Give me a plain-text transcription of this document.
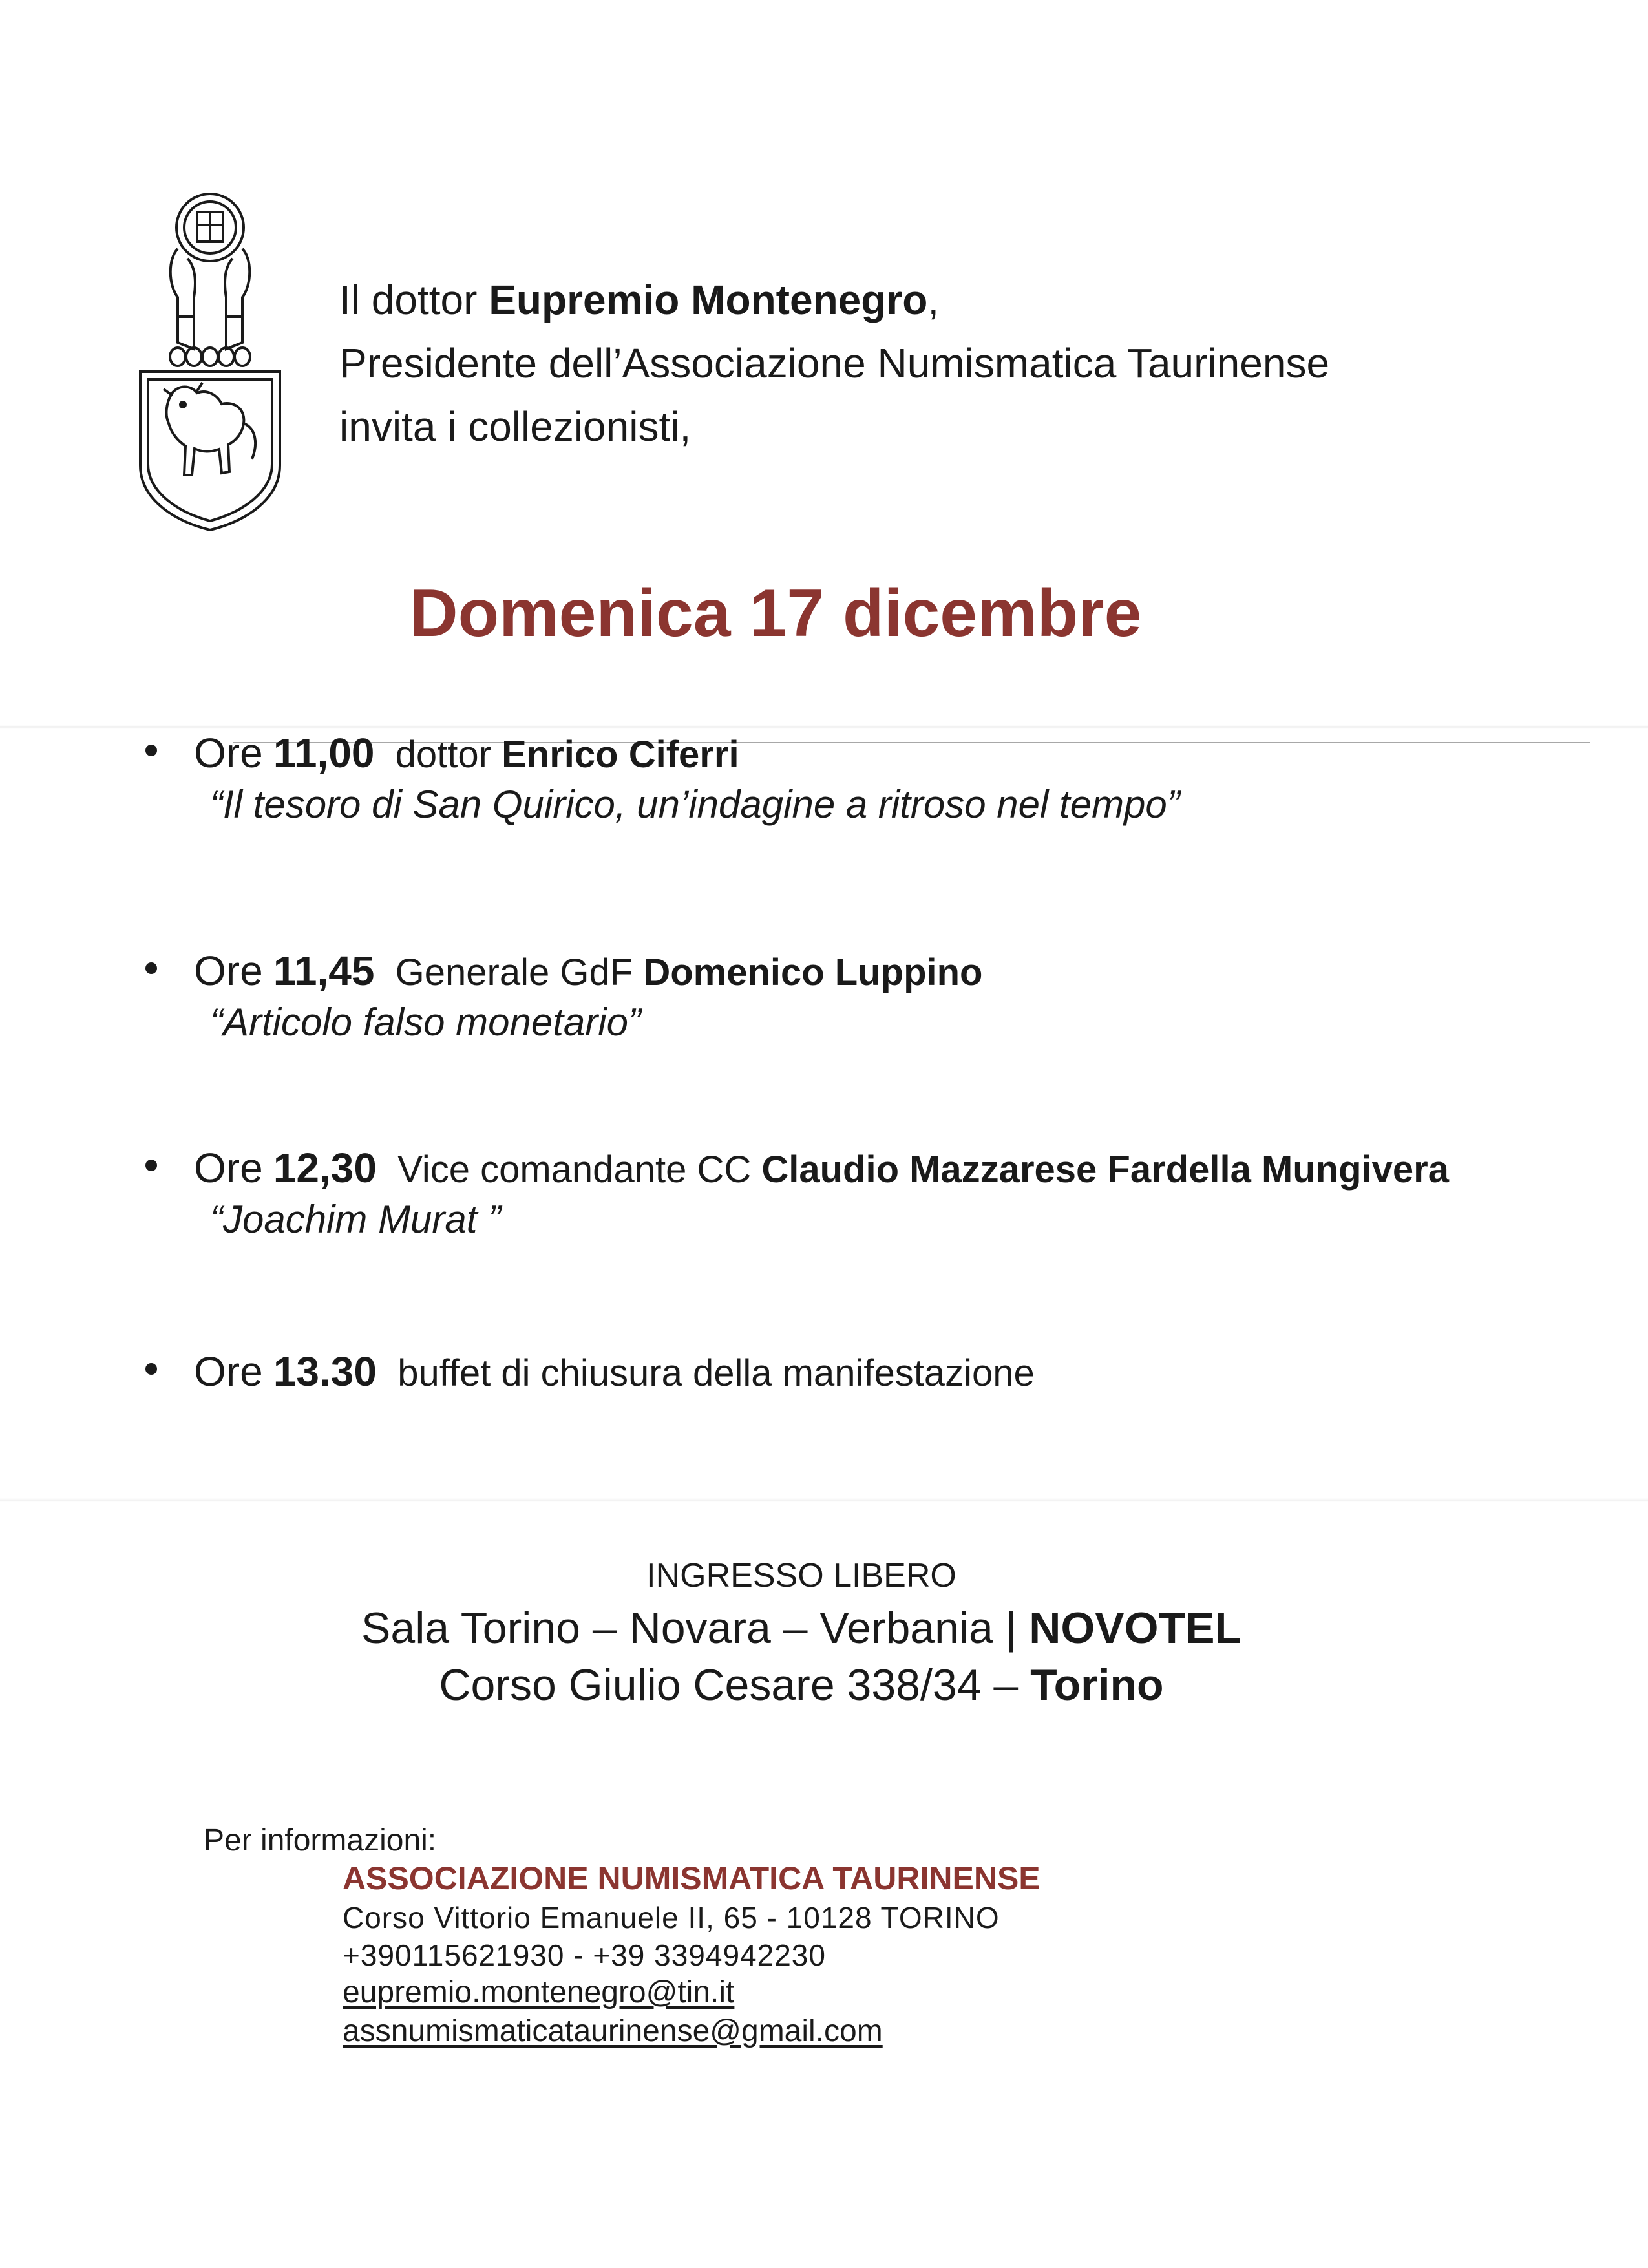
Il dottor Eupremio Montenegro,
Presidente dell’Associazione Numismatica Taurinense
invita i collezionisti,
Domenica 17 dicembre
Ore 11,00 dottor Enrico Ciferri
“Il tesoro di San Quirico, un’indagine a ritroso nel tempo”
Ore 11,45 Generale GdF Domenico Luppino
“Articolo falso monetario”
Ore 12,30 Vice comandante CC Claudio Mazzarese Fardella Mungivera
“Joachim Murat ”
Ore 13.30 buffet di chiusura della manifestazione
INGRESSO LIBERO
Sala Torino – Novara – Verbania | NOVOTEL
Corso Giulio Cesare 338/34 – Torino
Per informazioni:
ASSOCIAZIONE NUMISMATICA TAURINENSE
Corso Vittorio Emanuele II, 65 - 10128 TORINO
+390115621930 - +39 3394942230
eupremio.montenegro@tin.it
assnumismaticataurinense@gmail.com
